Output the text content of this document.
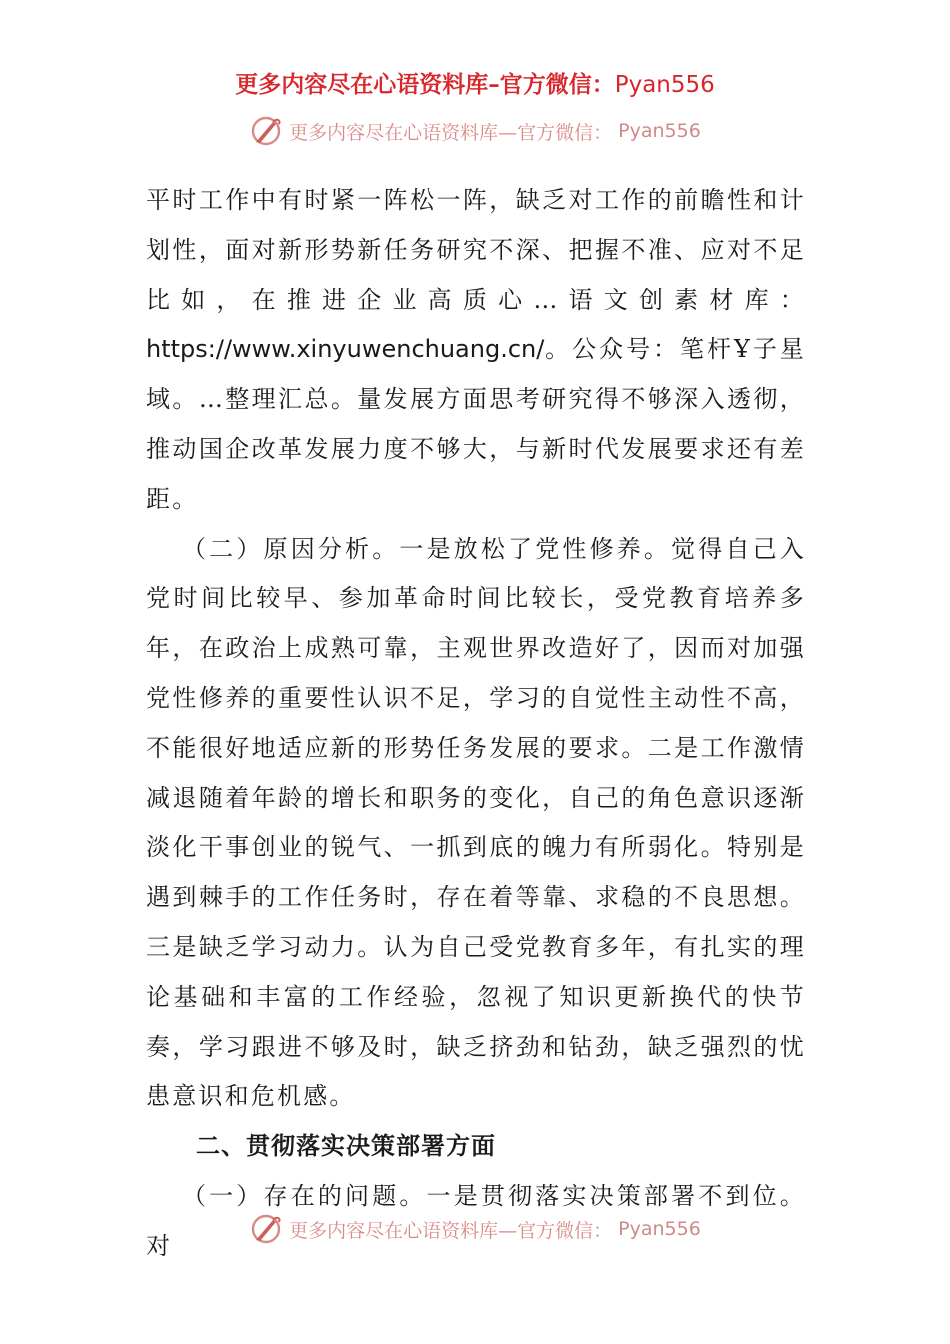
更多内容尽在心语资料库–官方微信：Pyan556
更多内容尽在心语资料库—官方微信： Pyan556

平时工作中有时紧一阵松一阵，缺乏对工作的前瞻性和计划性，面对新形势新任务研究不深、把握不准、应对不足比如，在推进企业高质心…语文创素材库：https://www.xinyuwenchuang.cn/。公众号：笔杆Ұ子星域。…整理汇总。量发展方面思考研究得不够深入透彻，推动国企改革发展力度不够大，与新时代发展要求还有差距。

（二）原因分析。一是放松了党性修养。觉得自己入党时间比较早、参加革命时间比较长，受党教育培养多年，在政治上成熟可靠，主观世界改造好了，因而对加强党性修养的重要性认识不足，学习的自觉性主动性不高，不能很好地适应新的形势任务发展的要求。二是工作激情减退随着年龄的增长和职务的变化，自己的角色意识逐渐淡化干事创业的锐气、一抓到底的魄力有所弱化。特别是遇到棘手的工作任务时，存在着等靠、求稳的不良思想。三是缺乏学习动力。认为自己受党教育多年，有扎实的理论基础和丰富的工作经验，忽视了知识更新换代的快节奏，学习跟进不够及时，缺乏挤劲和钻劲，缺乏强烈的忧患意识和危机感。

二、贯彻落实决策部署方面

（一）存在的问题。一是贯彻落实决策部署不到位。对

更多内容尽在心语资料库—官方微信： Pyan556
